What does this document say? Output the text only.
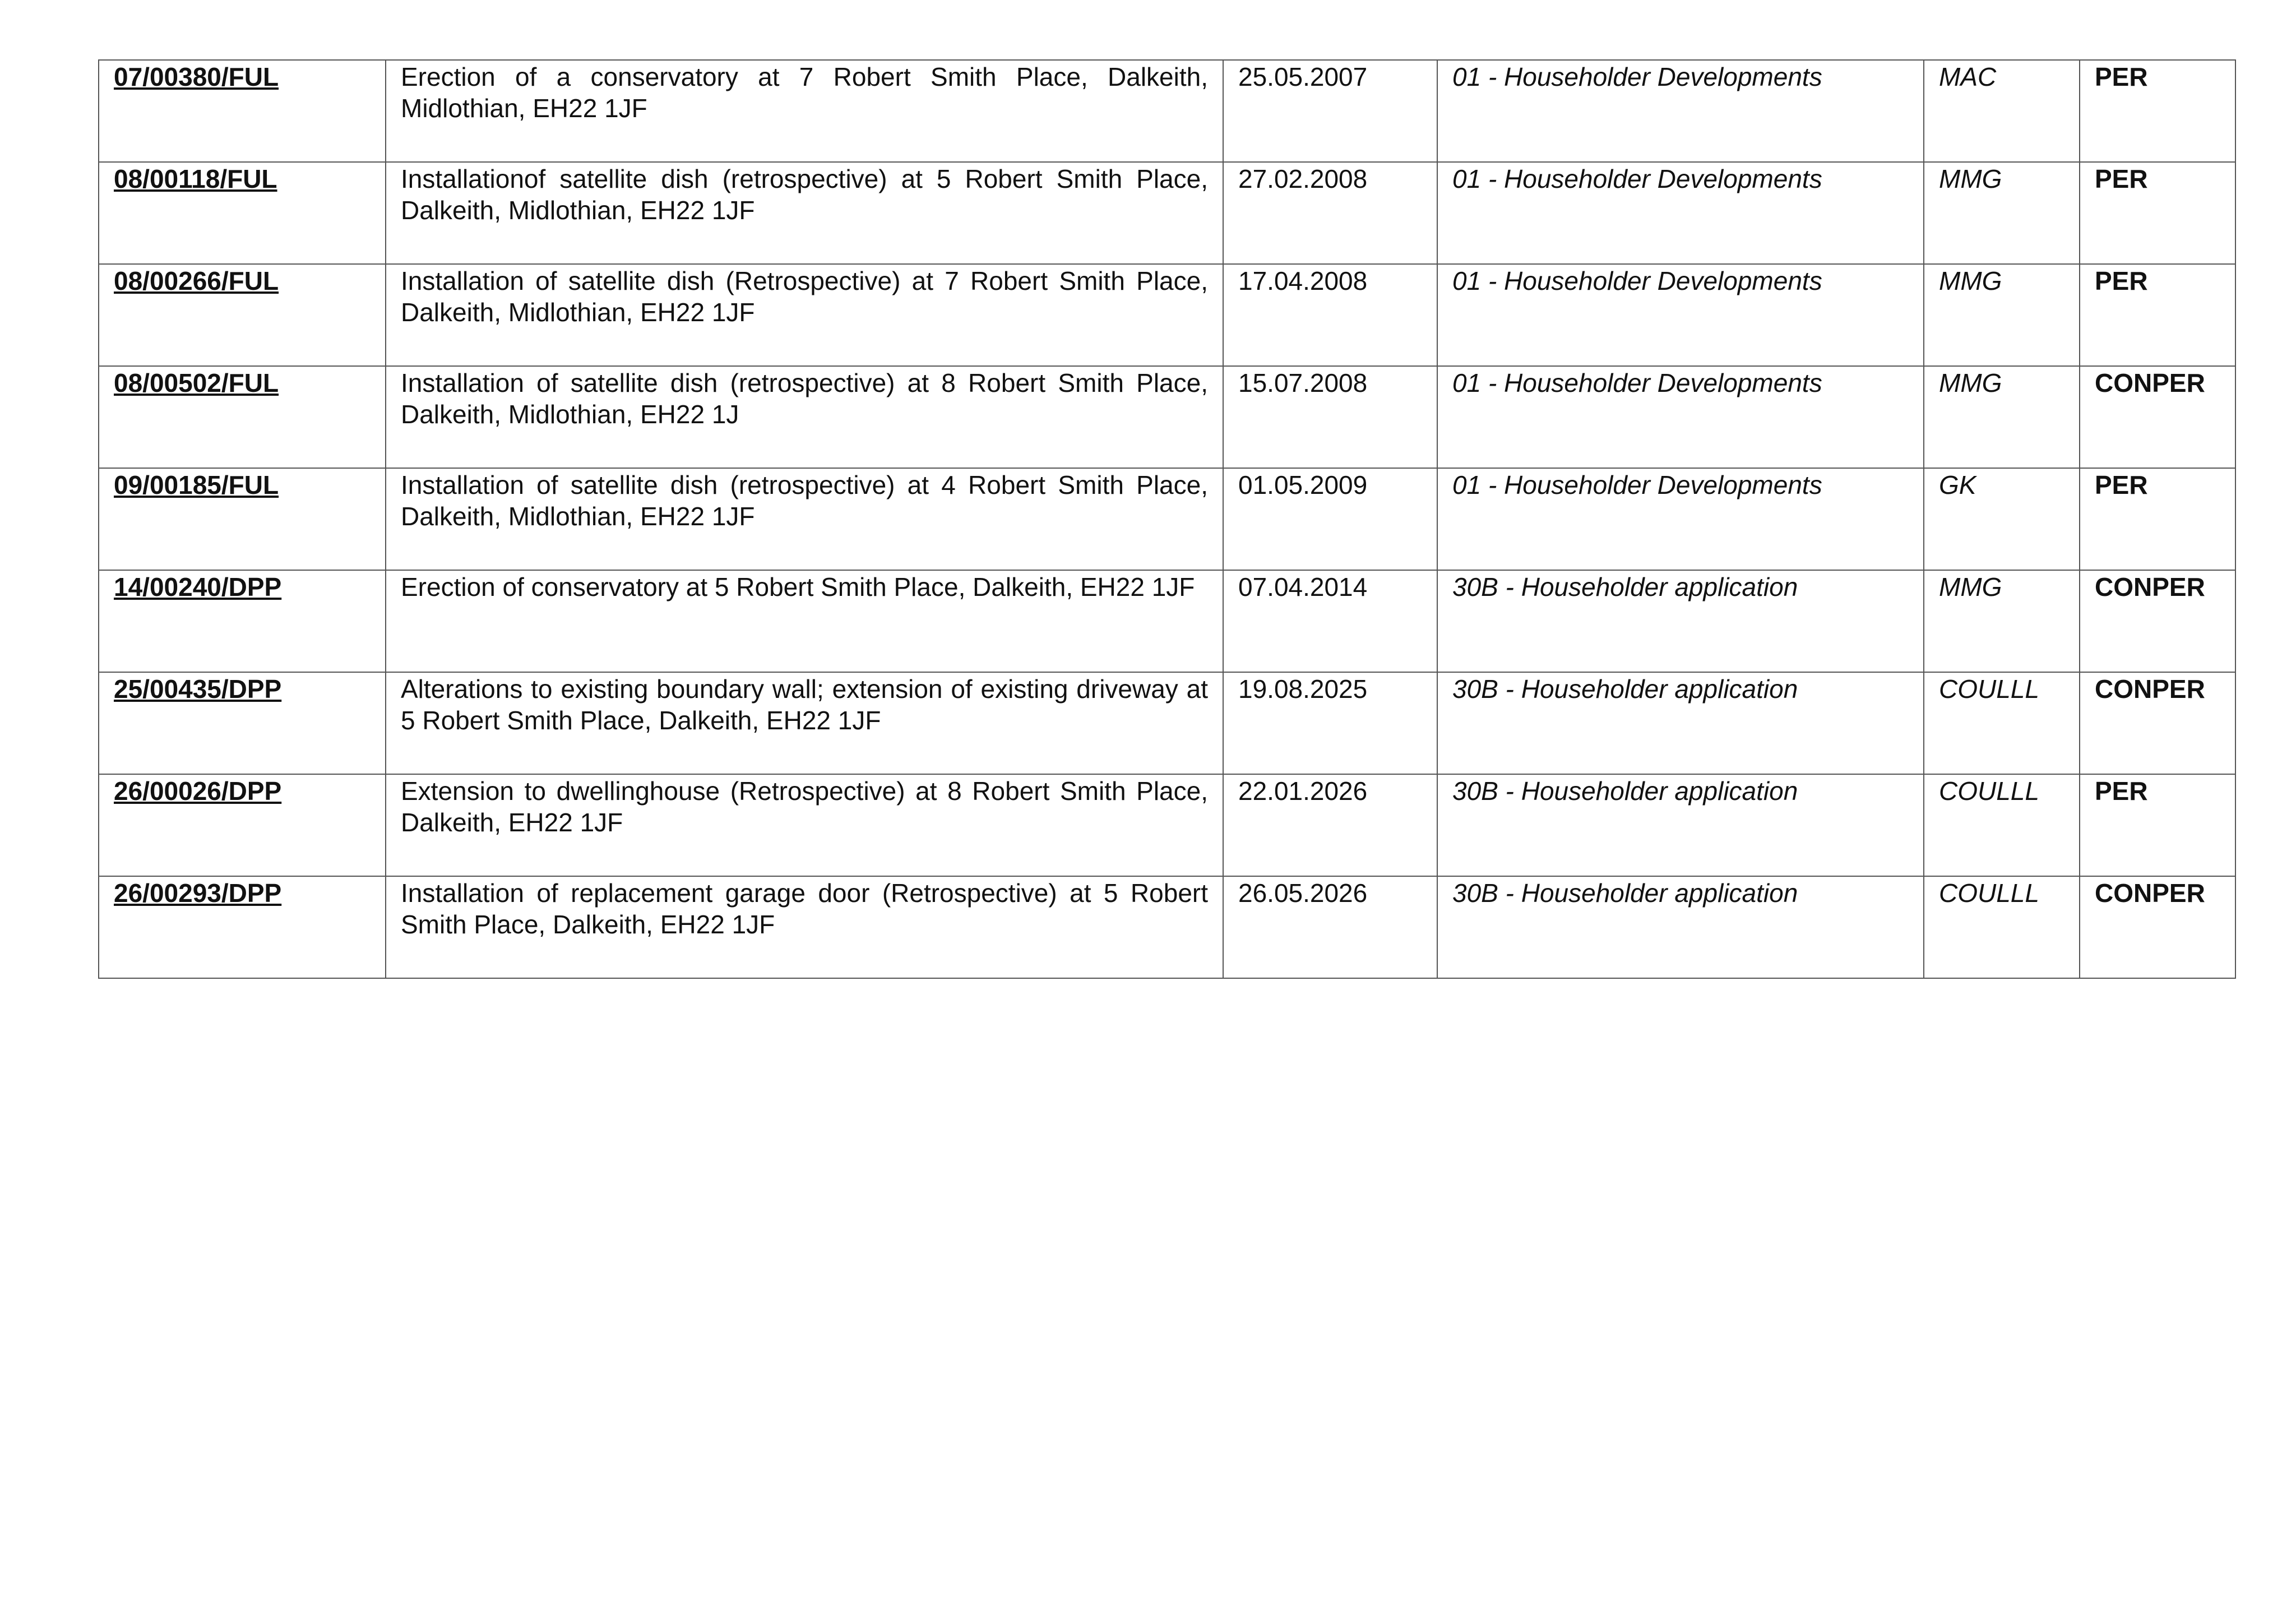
07/00380/FUL	Erection of a conservatory at 7 Robert Smith Place, Dalkeith, Midlothian, EH22 1JF	25.05.2007	01 - Householder Developments	MAC	PER
08/00118/FUL	Installationof satellite dish (retrospective) at 5 Robert Smith Place, Dalkeith, Midlothian, EH22 1JF	27.02.2008	01 - Householder Developments	MMG	PER
08/00266/FUL	Installation of satellite dish (Retrospective) at 7 Robert Smith Place, Dalkeith, Midlothian, EH22 1JF	17.04.2008	01 - Householder Developments	MMG	PER
08/00502/FUL	Installation of satellite dish (retrospective) at 8 Robert Smith Place, Dalkeith, Midlothian, EH22 1J	15.07.2008	01 - Householder Developments	MMG	CONPER
09/00185/FUL	Installation of satellite dish (retrospective) at 4 Robert Smith Place, Dalkeith, Midlothian, EH22 1JF	01.05.2009	01 - Householder Developments	GK	PER
14/00240/DPP	Erection of conservatory at 5 Robert Smith Place, Dalkeith, EH22 1JF	07.04.2014	30B - Householder application	MMG	CONPER
25/00435/DPP	Alterations to existing boundary wall; extension of existing driveway at 5 Robert Smith Place, Dalkeith, EH22 1JF	19.08.2025	30B - Householder application	COULLL	CONPER
26/00026/DPP	Extension to dwellinghouse (Retrospective) at 8 Robert Smith Place, Dalkeith, EH22 1JF	22.01.2026	30B - Householder application	COULLL	PER
26/00293/DPP	Installation of replacement garage door (Retrospective) at 5 Robert Smith Place, Dalkeith, EH22 1JF	26.05.2026	30B - Householder application	COULLL	CONPER
